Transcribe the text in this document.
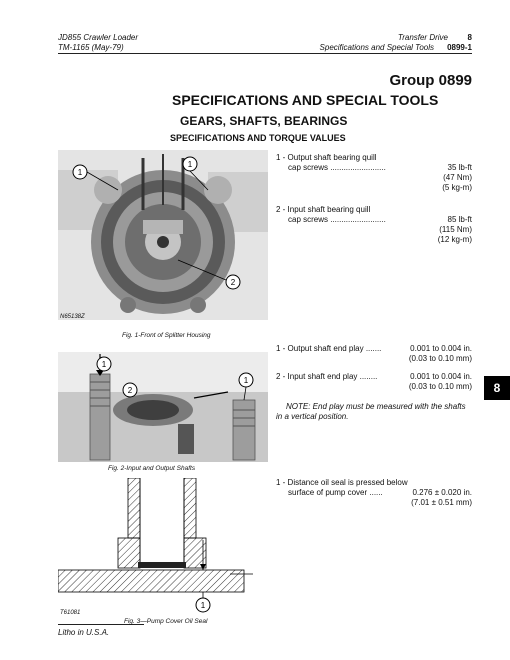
JD855 Crawler Loader
TM-1165 (May-79)
Transfer Drive 8
Specifications and Special Tools 0899-1
Group 0899
SPECIFICATIONS AND SPECIAL TOOLS
GEARS, SHAFTS, BEARINGS
SPECIFICATIONS AND TORQUE VALUES
1
1
2
N65138Z
Fig. 1-Front of Splitter Housing
1 - Output shaft bearing quill
cap screws .........................	35 lb-ft
(47 Nm)
(5 kg-m)
2 - Input shaft bearing quill
cap screws .........................	85 lb-ft
(115 Nm)
(12 kg-m)
1
2
1
Fig. 2-Input and Output Shafts
1 - Output shaft end play .......	0.001 to 0.004 in.
(0.03 to 0.10 mm)
2 - Input shaft end play ........	0.001 to 0.004 in.
(0.03 to 0.10 mm)
NOTE: End play must be measured with the shafts
in a vertical position.
8
1
T61081
Fig. 3—Pump Cover Oil Seal
1 - Distance oil seal is pressed below
surface of pump cover ......	0.276 ± 0.020 in.
(7.01 ± 0.51 mm)
Litho in U.S.A.
